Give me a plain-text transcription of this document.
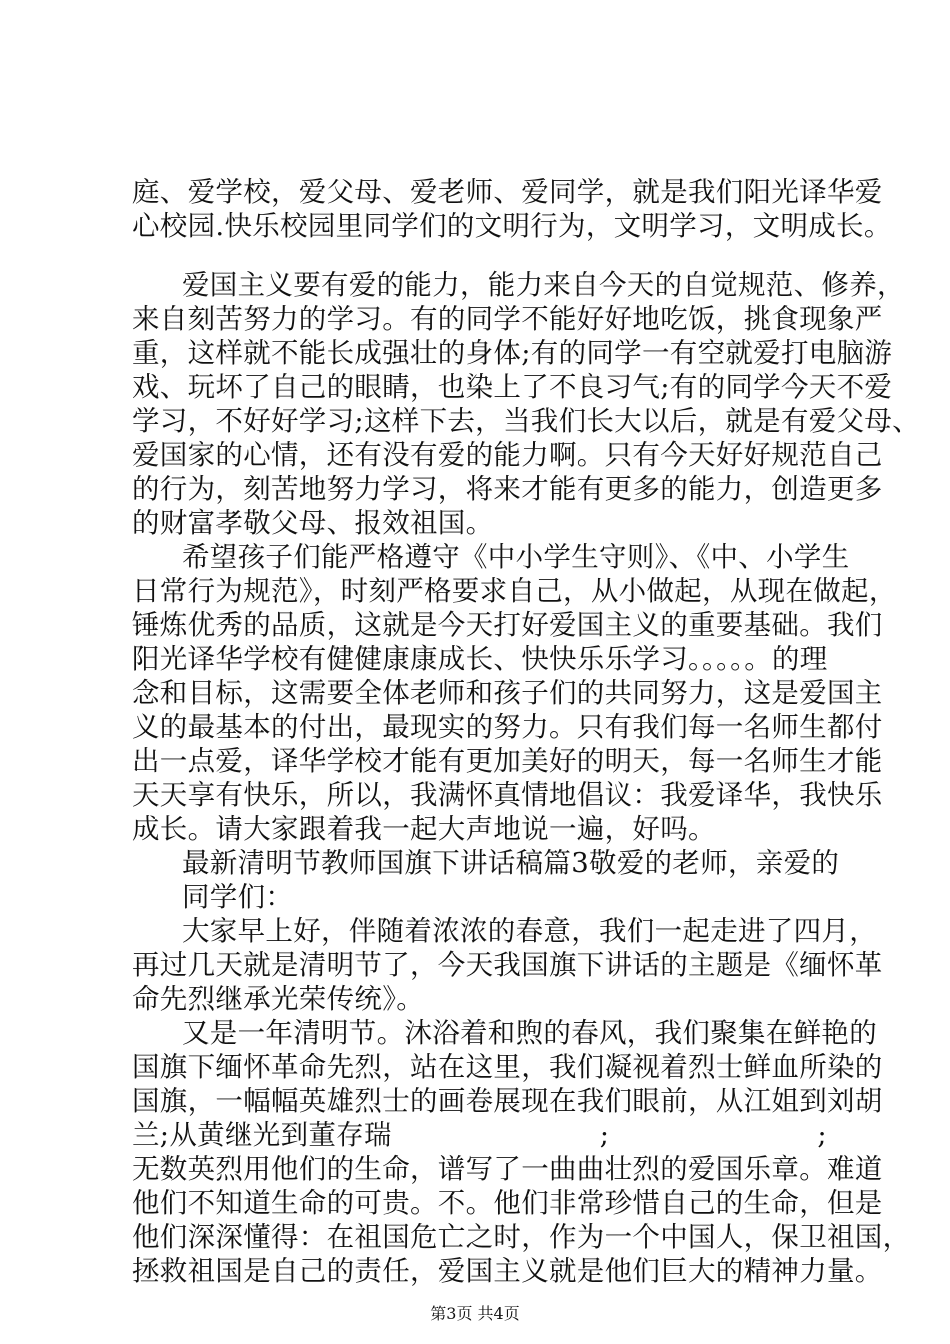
庭、爱学校，爱父母、爱老师、爱同学，就是我们阳光译华爱
心校园.快乐校园里同学们的文明行为，文明学习，文明成长。
爱国主义要有爱的能力，能力来自今天的自觉规范、修养，
来自刻苦努力的学习。有的同学不能好好地吃饭，挑食现象严
重，这样就不能长成强壮的身体;有的同学一有空就爱打电脑游
戏、玩坏了自己的眼睛，也染上了不良习气;有的同学今天不爱
学习，不好好学习;这样下去，当我们长大以后，就是有爱父母、
爱国家的心情，还有没有爱的能力啊。只有今天好好规范自己
的行为，刻苦地努力学习，将来才能有更多的能力，创造更多
的财富孝敬父母、报效祖国。
希望孩子们能严格遵守《中小学生守则》、《中、小学生
日常行为规范》，时刻严格要求自己，从小做起，从现在做起，
锤炼优秀的品质，这就是今天打好爱国主义的重要基础。我们
阳光译华学校有健健康康成长、快快乐乐学习。。。。。的理
念和目标，这需要全体老师和孩子们的共同努力，这是爱国主
义的最基本的付出，最现实的努力。只有我们每一名师生都付
出一点爱，译华学校才能有更加美好的明天，每一名师生才能
天天享有快乐，所以，我满怀真情地倡议：我爱译华，我快乐
成长。请大家跟着我一起大声地说一遍，好吗。
最新清明节教师国旗下讲话稿篇3敬爱的老师，亲爱的
同学们：
大家早上好，伴随着浓浓的春意，我们一起走进了四月，
再过几天就是清明节了，今天我国旗下讲话的主题是《缅怀革
命先烈继承光荣传统》。
又是一年清明节。沐浴着和煦的春风，我们聚集在鲜艳的
国旗下缅怀革命先烈，站在这里，我们凝视着烈士鲜血所染的
国旗，一幅幅英雄烈士的画卷展现在我们眼前，从江姐到刘胡
兰;从黄继光到董存瑞	;	;
无数英烈用他们的生命，谱写了一曲曲壮烈的爱国乐章。难道
他们不知道生命的可贵。不。他们非常珍惜自己的生命，但是
他们深深懂得：在祖国危亡之时，作为一个中国人，保卫祖国，
第3页 共4页
拯救祖国是自己的责任，爱国主义就是他们巨大的精神力量。
